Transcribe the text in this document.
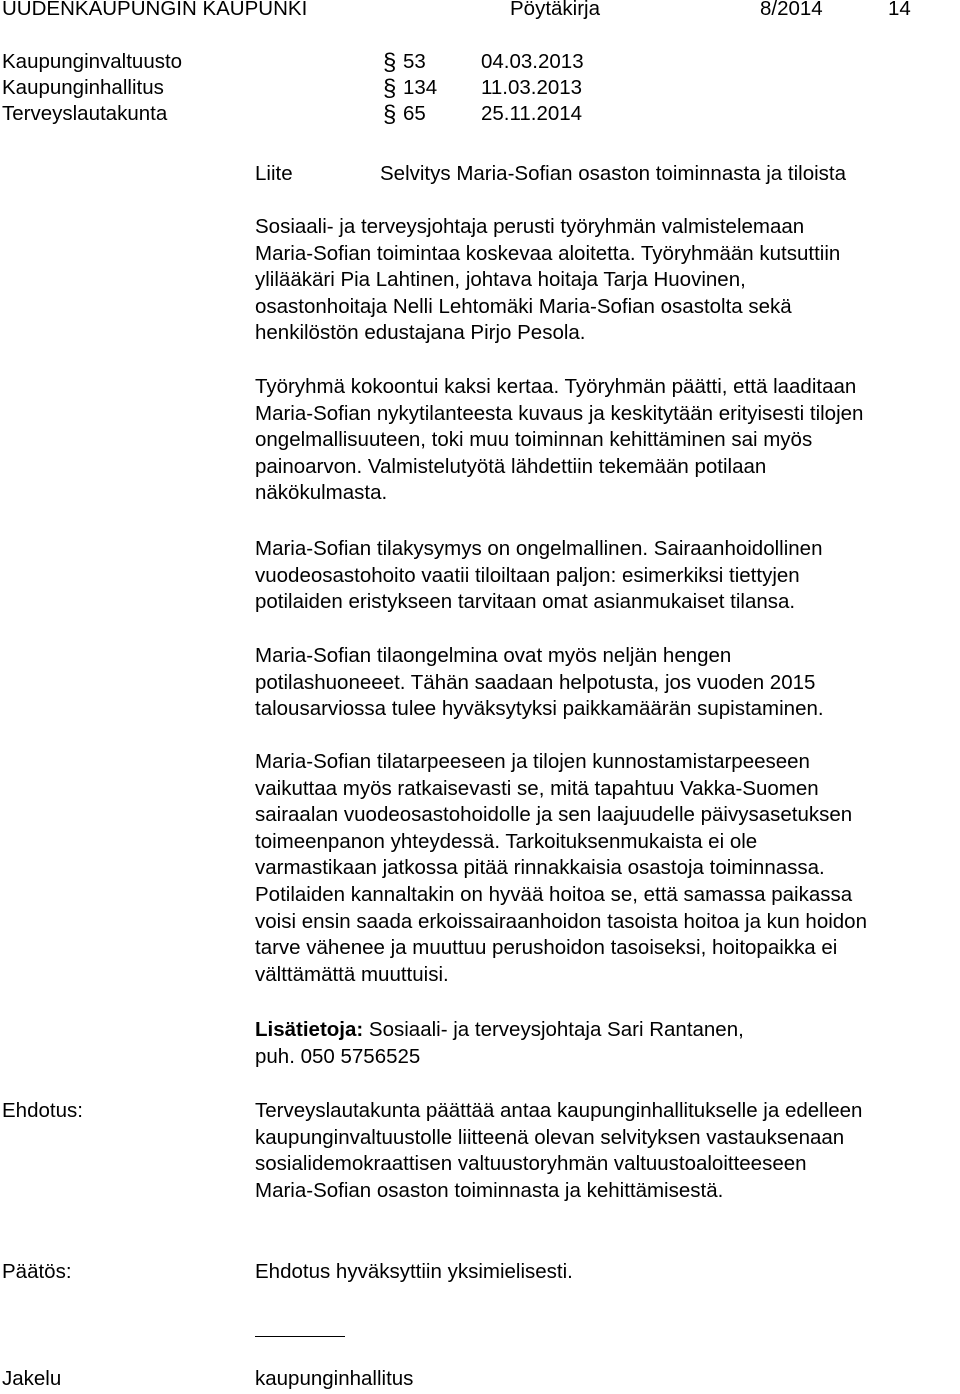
UUDENKAUPUNGIN KAUPUNKI	Pöytäkirja	8/2014	14
Kaupunginvaltuusto	§ 53	04.03.2013
Kaupunginhallitus	§ 134 11.03.2013
Terveyslautakunta	§ 65	25.11.2014
Liite	Selvitys Maria-Sofian osaston toiminnasta ja tiloista
Sosiaali- ja terveysjohtaja perusti työryhmän valmistelemaan
Maria-Sofian toimintaa koskevaa aloitetta. Työryhmään kutsuttiin
ylilääkäri Pia Lahtinen, johtava hoitaja Tarja Huovinen,
osastonhoitaja Nelli Lehtomäki Maria-Sofian osastolta sekä
henkilöstön edustajana Pirjo Pesola.
Työryhmä kokoontui kaksi kertaa. Työryhmän päätti, että laaditaan
Maria-Sofian nykytilanteesta kuvaus ja keskitytään erityisesti tilojen
ongelmallisuuteen, toki muu toiminnan kehittäminen sai myös
painoarvon. Valmistelutyötä lähdettiin tekemään potilaan
näkökulmasta.
Maria-Sofian tilakysymys on ongelmallinen. Sairaanhoidollinen
vuodeosastohoito vaatii tiloiltaan paljon: esimerkiksi tiettyjen
potilaiden eristykseen tarvitaan omat asianmukaiset tilansa.
Maria-Sofian tilaongelmina ovat myös neljän hengen
potilashuoneeet. Tähän saadaan helpotusta, jos vuoden 2015
talousarviossa tulee hyväksytyksi paikkamäärän supistaminen.
Maria-Sofian tilatarpeeseen ja tilojen kunnostamistarpeeseen
vaikuttaa myös ratkaisevasti se, mitä tapahtuu Vakka-Suomen
sairaalan vuodeosastohoidolle ja sen laajuudelle päivysasetuksen
toimeenpanon yhteydessä. Tarkoituksenmukaista ei ole
varmastikaan jatkossa pitää rinnakkaisia osastoja toiminnassa.
Potilaiden kannaltakin on hyvää hoitoa se, että samassa paikassa
voisi ensin saada erkoissairaanhoidon tasoista hoitoa ja kun hoidon
tarve vähenee ja muuttuu perushoidon tasoiseksi, hoitopaikka ei
välttämättä muuttuisi.
Lisätietoja: Sosiaali- ja terveysjohtaja Sari Rantanen,
puh. 050 5756525
Ehdotus:	Terveyslautakunta päättää antaa kaupunginhallitukselle ja edelleen
kaupunginvaltuustolle liitteenä olevan selvityksen vastauksenaan
sosialidemokraattisen valtuustoryhmän valtuustoaloitteeseen
Maria-Sofian osaston toiminnasta ja kehittämisestä.
Päätös:	Ehdotus hyväksyttiin yksimielisesti.
Jakelu	kaupunginhallitus
